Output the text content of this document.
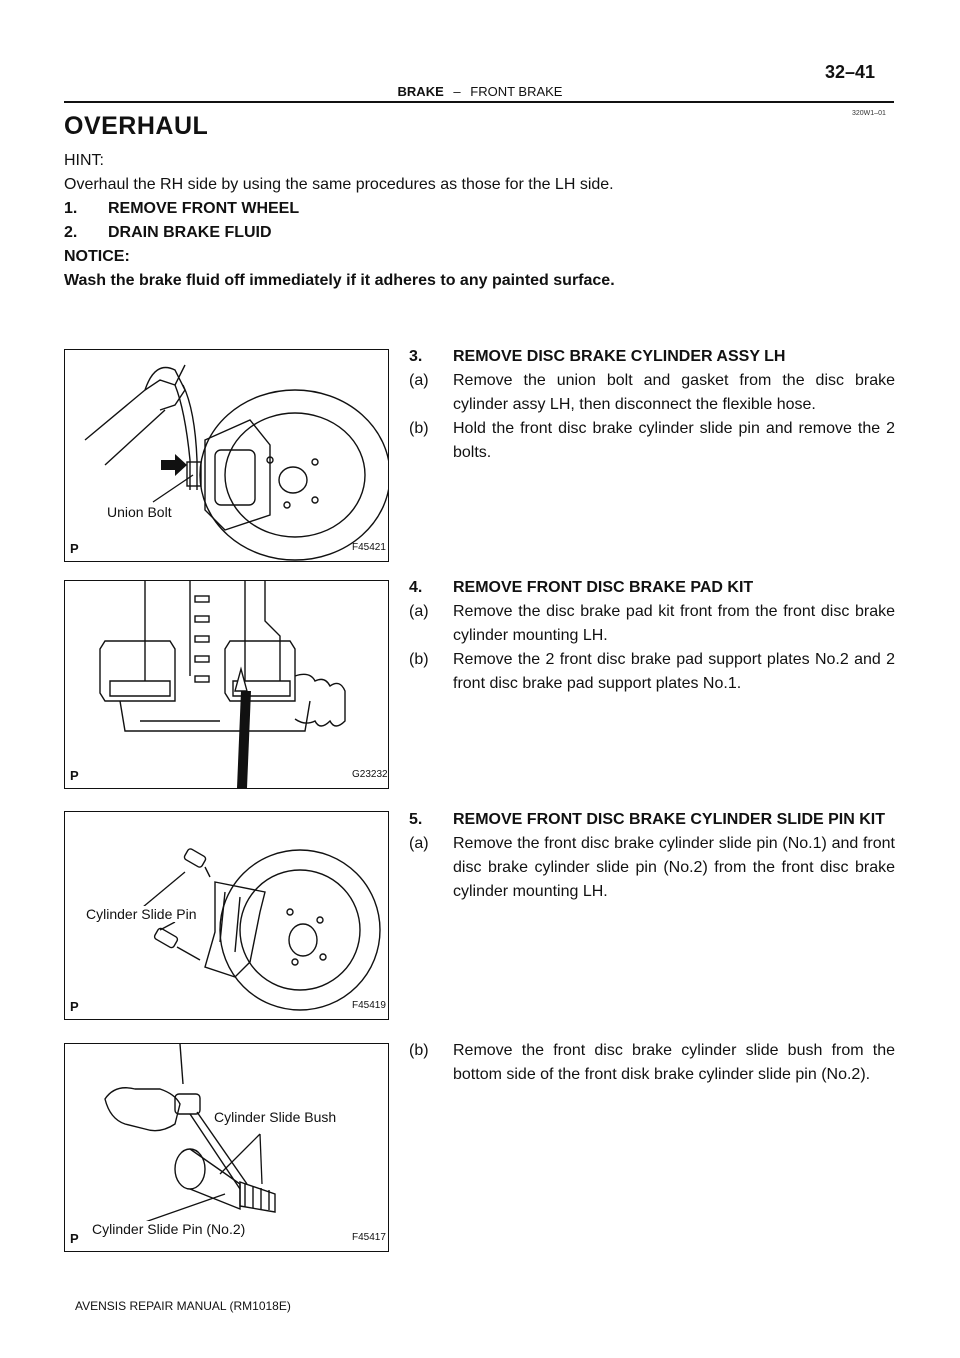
32–41
BRAKE – FRONT BRAKE
320W1–01
OVERHAUL
HINT:
Overhaul the RH side by using the same procedures as those for the LH side.
1. REMOVE FRONT WHEEL
2. DRAIN BRAKE FLUID
NOTICE:
Wash the brake fluid off immediately if it adheres to any painted surface.
Union Bolt
P	F45421
3.	REMOVE DISC BRAKE CYLINDER ASSY LH
(a)	Remove the union bolt and gasket from the disc brake cylinder assy LH, then disconnect the flexible hose.
(b)	Hold the front disc brake cylinder slide pin and remove the 2 bolts.
P	G23232
4.	REMOVE FRONT DISC BRAKE PAD KIT
(a)	Remove the disc brake pad kit front from the front disc brake cylinder mounting LH.
(b)	Remove the 2 front disc brake pad support plates No.2 and 2 front disc brake pad support plates No.1.
Cylinder Slide Pin
P	F45419
5.	REMOVE FRONT DISC BRAKE CYLINDER SLIDE PIN KIT
(a)	Remove the front disc brake cylinder slide pin (No.1) and front disc brake cylinder slide pin (No.2) from the front disc brake cylinder mounting LH.
Cylinder Slide Bush
Cylinder Slide Pin (No.2)
P	F45417
(b)	Remove the front disc brake cylinder slide bush from the bottom side of the front disk brake cylinder slide pin (No.2).
AVENSIS REPAIR MANUAL (RM1018E)
